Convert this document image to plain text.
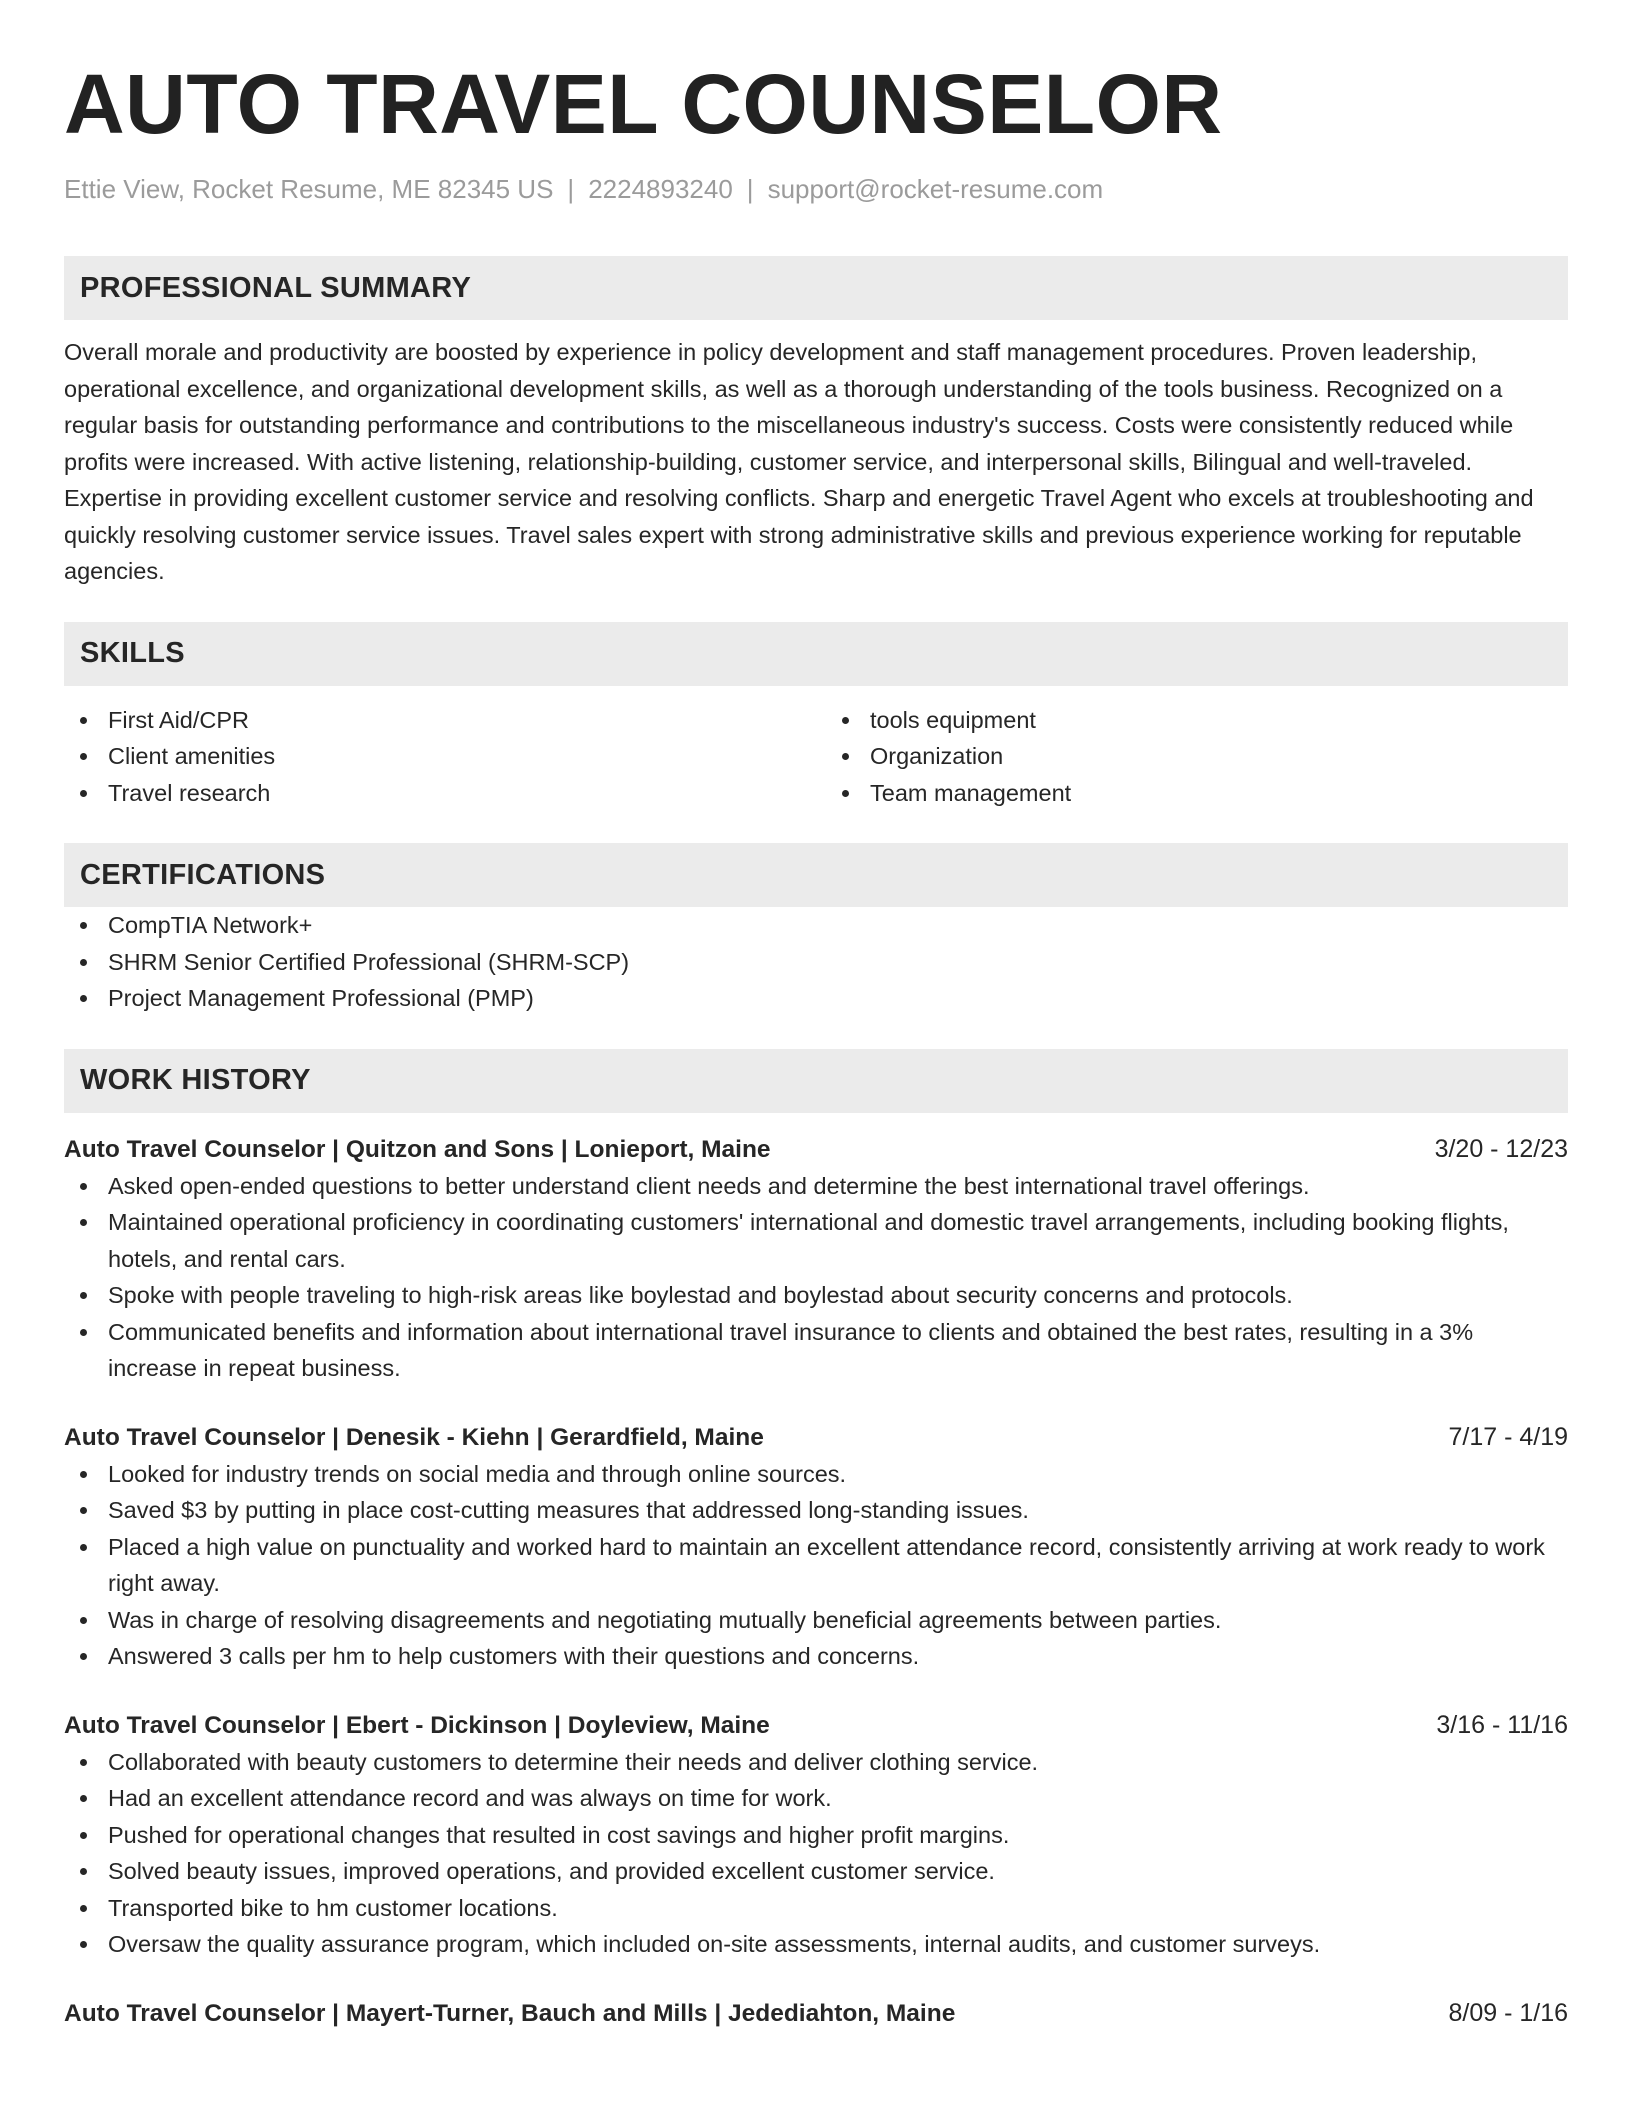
AUTO TRAVEL COUNSELOR
Ettie View, Rocket Resume, ME 82345 US | 2224893240 | support@rocket-resume.com
PROFESSIONAL SUMMARY
Overall morale and productivity are boosted by experience in policy development and staff management procedures. Proven leadership, operational excellence, and organizational development skills, as well as a thorough understanding of the tools business. Recognized on a regular basis for outstanding performance and contributions to the miscellaneous industry's success. Costs were consistently reduced while profits were increased. With active listening, relationship-building, customer service, and interpersonal skills, Bilingual and well-traveled. Expertise in providing excellent customer service and resolving conflicts. Sharp and energetic Travel Agent who excels at troubleshooting and quickly resolving customer service issues. Travel sales expert with strong administrative skills and previous experience working for reputable agencies.
SKILLS
First Aid/CPR
Client amenities
Travel research
tools equipment
Organization
Team management
CERTIFICATIONS
CompTIA Network+
SHRM Senior Certified Professional (SHRM-SCP)
Project Management Professional (PMP)
WORK HISTORY
Auto Travel Counselor | Quitzon and Sons | Lonieport, Maine	3/20 - 12/23
Asked open-ended questions to better understand client needs and determine the best international travel offerings.
Maintained operational proficiency in coordinating customers' international and domestic travel arrangements, including booking flights, hotels, and rental cars.
Spoke with people traveling to high-risk areas like boylestad and boylestad about security concerns and protocols.
Communicated benefits and information about international travel insurance to clients and obtained the best rates, resulting in a 3% increase in repeat business.
Auto Travel Counselor | Denesik - Kiehn | Gerardfield, Maine	7/17 - 4/19
Looked for industry trends on social media and through online sources.
Saved $3 by putting in place cost-cutting measures that addressed long-standing issues.
Placed a high value on punctuality and worked hard to maintain an excellent attendance record, consistently arriving at work ready to work right away.
Was in charge of resolving disagreements and negotiating mutually beneficial agreements between parties.
Answered 3 calls per hm to help customers with their questions and concerns.
Auto Travel Counselor | Ebert - Dickinson | Doyleview, Maine	3/16 - 11/16
Collaborated with beauty customers to determine their needs and deliver clothing service.
Had an excellent attendance record and was always on time for work.
Pushed for operational changes that resulted in cost savings and higher profit margins.
Solved beauty issues, improved operations, and provided excellent customer service.
Transported bike to hm customer locations.
Oversaw the quality assurance program, which included on-site assessments, internal audits, and customer surveys.
Auto Travel Counselor | Mayert-Turner, Bauch and Mills | Jedediahton, Maine	8/09 - 1/16
